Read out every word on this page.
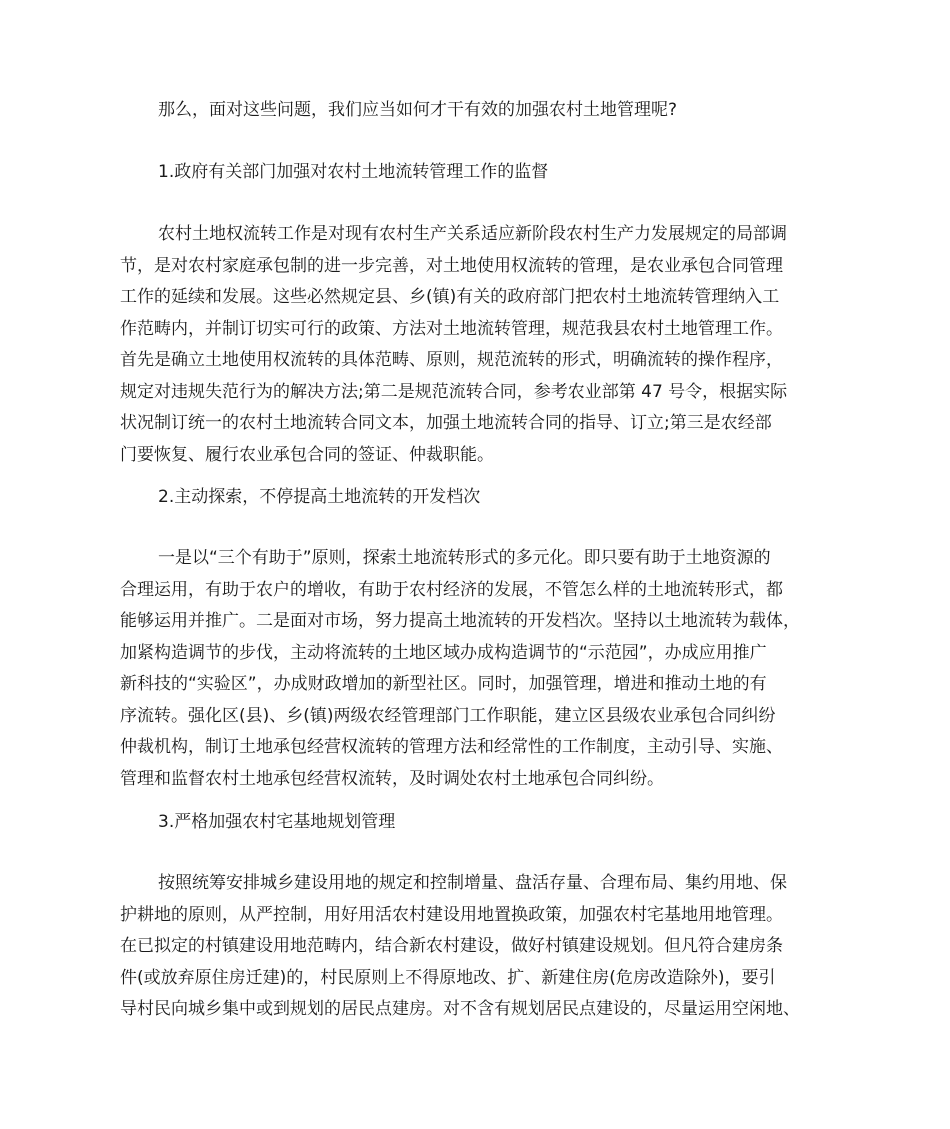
那么，面对这些问题，我们应当如何才干有效的加强农村土地管理呢?

1.政府有关部门加强对农村土地流转管理工作的监督

农村土地权流转工作是对现有农村生产关系适应新阶段农村生产力发展规定的局部调
节，是对农村家庭承包制的进一步完善，对土地使用权流转的管理，是农业承包合同管理
工作的延续和发展。这些必然规定县、乡(镇)有关的政府部门把农村土地流转管理纳入工
作范畴内，并制订切实可行的政策、方法对土地流转管理，规范我县农村土地管理工作。
首先是确立土地使用权流转的具体范畴、原则，规范流转的形式，明确流转的操作程序，
规定对违规失范行为的解决方法;第二是规范流转合同，参考农业部第 47 号令，根据实际
状况制订统一的农村土地流转合同文本，加强土地流转合同的指导、订立;第三是农经部
门要恢复、履行农业承包合同的签证、仲裁职能。

2.主动探索，不停提高土地流转的开发档次

一是以“三个有助于”原则，探索土地流转形式的多元化。即只要有助于土地资源的
合理运用，有助于农户的增收，有助于农村经济的发展，不管怎么样的土地流转形式，都
能够运用并推广。二是面对市场，努力提高土地流转的开发档次。坚持以土地流转为载体，
加紧构造调节的步伐，主动将流转的土地区域办成构造调节的“示范园”，办成应用推广
新科技的“实验区”，办成财政增加的新型社区。同时，加强管理，增进和推动土地的有
序流转。强化区(县)、乡(镇)两级农经管理部门工作职能，建立区县级农业承包合同纠纷
仲裁机构，制订土地承包经营权流转的管理方法和经常性的工作制度，主动引导、实施、
管理和监督农村土地承包经营权流转，及时调处农村土地承包合同纠纷。

3.严格加强农村宅基地规划管理

按照统筹安排城乡建设用地的规定和控制增量、盘活存量、合理布局、集约用地、保
护耕地的原则，从严控制，用好用活农村建设用地置换政策，加强农村宅基地用地管理。
在已拟定的村镇建设用地范畴内，结合新农村建设，做好村镇建设规划。但凡符合建房条
件(或放弃原住房迁建)的，村民原则上不得原地改、扩、新建住房(危房改造除外)，要引
导村民向城乡集中或到规划的居民点建房。对不含有规划居民点建设的，尽量运用空闲地、
